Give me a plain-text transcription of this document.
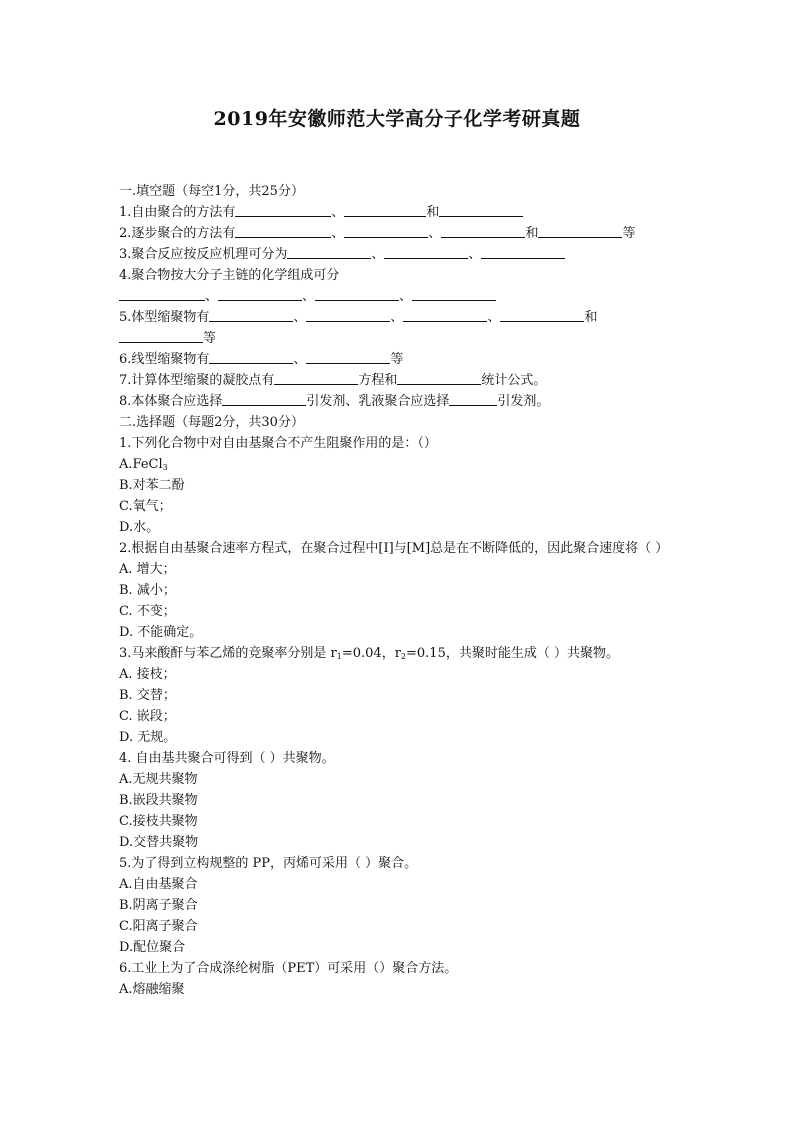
2019年安徽师范大学高分子化学考研真题
一.填空题（每空1分，共25分）
1.自由聚合的方法有	、	和
2.逐步聚合的方法有	、	、	和	等
3.聚合反应按反应机理可分为	、	、
4.聚合物按大分子主链的化学组成可分
、	、	、
5.体型缩聚物有	、	、	、	和
等
6.线型缩聚物有	、	等
7.计算体型缩聚的凝胶点有	方程和	统计公式。
8.本体聚合应选择	引发剂、乳液聚合应选择	引发剂。
二.选择题（每题2分，共30分）
1.下列化合物中对自由基聚合不产生阻聚作用的是：（）
A.FeCl$_3$
B.对苯二酚
C.氧气；
D.水。
2.根据自由基聚合速率方程式，在聚合过程中[I]与[M]总是在不断降低的，因此聚合速度将（ ）
A. 增大；
B. 减小；
C. 不变；
D. 不能确定。
3.马来酸酐与苯乙烯的竞聚率分别是 $r_1=0.04$，$r_2=0.15$，共聚时能生成（ ）共聚物。
A. 接枝；
B. 交替；
C. 嵌段；
D. 无规。
4. 自由基共聚合可得到（ ）共聚物。
A.无规共聚物
B.嵌段共聚物
C.接枝共聚物
D.交替共聚物
5.为了得到立构规整的 PP，丙烯可采用（ ）聚合。
A.自由基聚合
B.阴离子聚合
C.阳离子聚合
D.配位聚合
6.工业上为了合成涤纶树脂（PET）可采用（）聚合方法。
A.熔融缩聚
